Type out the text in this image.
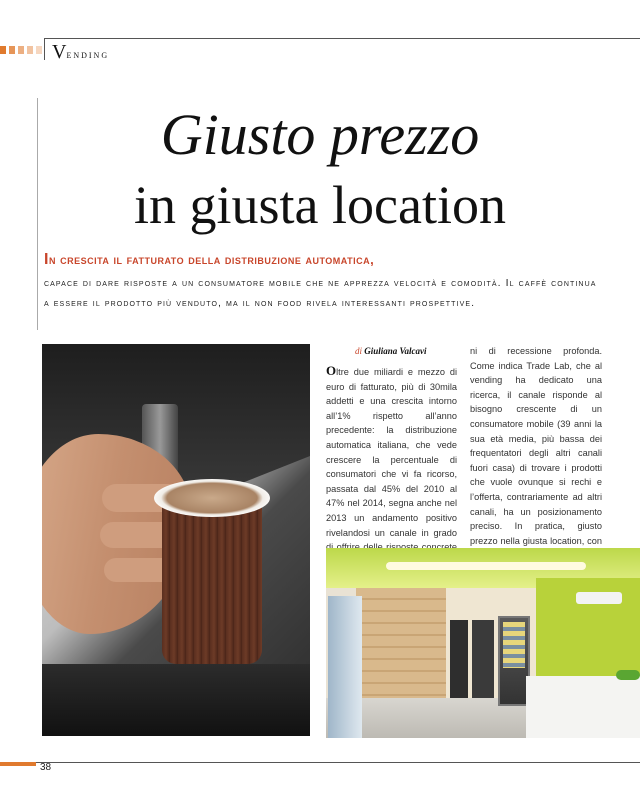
Vending
Giusto prezzo
in giusta location
In crescita il fatturato della distribuzione automatica,
capace di dare risposte a un consumatore mobile che ne apprezza velocità e comodità. Il caffè continua a essere il prodotto più venduto, ma il non food rivela interessanti prospettive.
di Giuliana Valcavi

Oltre due miliardi e mezzo di euro di fatturato, più di 30mila addetti e una crescita intorno all’1% rispetto all’anno precedente: la distribuzione automatica italiana, che vede crescere la percentuale di consumatori che vi fa ricorso, passata dal 45% del 2010 al 47% nel 2014, segna anche nel 2013 un andamento positivo rivelandosi un canale in grado

ni di recessione profonda. Come indica Trade Lab, che al vending ha dedicato una ricerca, il canale risponde al bisogno crescente di un consumatore mobile (39 anni la sua età media, più bassa dei frequentatori degli altri canali fuori casa) di trovare i prodotti che vuole ovunque si rechi e l’offerta, contrariamente ad altri canali, ha un posizionamento preciso. In pratica, giusto prezzo nella giusta location, con

38
